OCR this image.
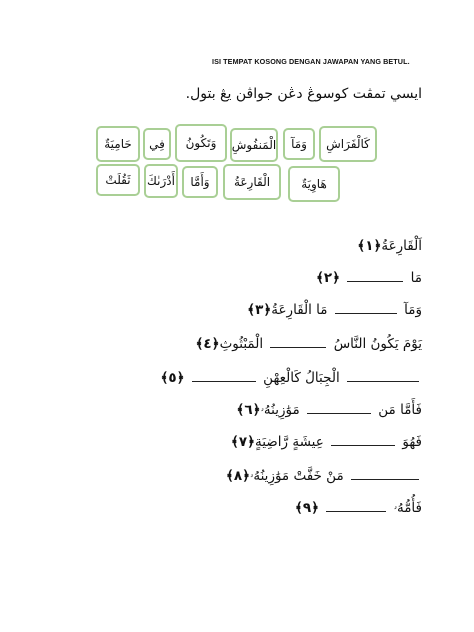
ISI TEMPAT KOSONG DENGAN JAWAPAN YANG BETUL.
ايسي تمڤت كوسوڠ دڠن جواڤن يڠ بتول.
كَالْفَرَاشِ
وَمَآ
الْمَنفُوشِ
وَتَكُونُ
فِي
حَامِيَةٌ
هَاوِيَةٌ
الْقَارِعَةُ
وَأَمَّا
أَدْرَىٰكَ
ثَقُلَتْ
اَلْقَارِعَةُ﴿١﴾
مَا  ﴿٢﴾
وَمَآ  مَا الْقَارِعَةُ﴿٣﴾
يَوْمَ يَكُونُ النَّاسُ  الْمَبْثُوثِ﴿٤﴾
الْجِبَالُ كَالْعِهْنِ  ﴿٥﴾
فَأَمَّا مَن  مَوَٰزِينُهُۥ﴿٦﴾
فَهُوَ  عِيشَةٍ رَّاضِيَةٍ﴿٧﴾
مَنْ خَفَّتْ مَوَٰزِينُهُۥ﴿٨﴾
فَأُمُّهُۥ  ﴿٩﴾
